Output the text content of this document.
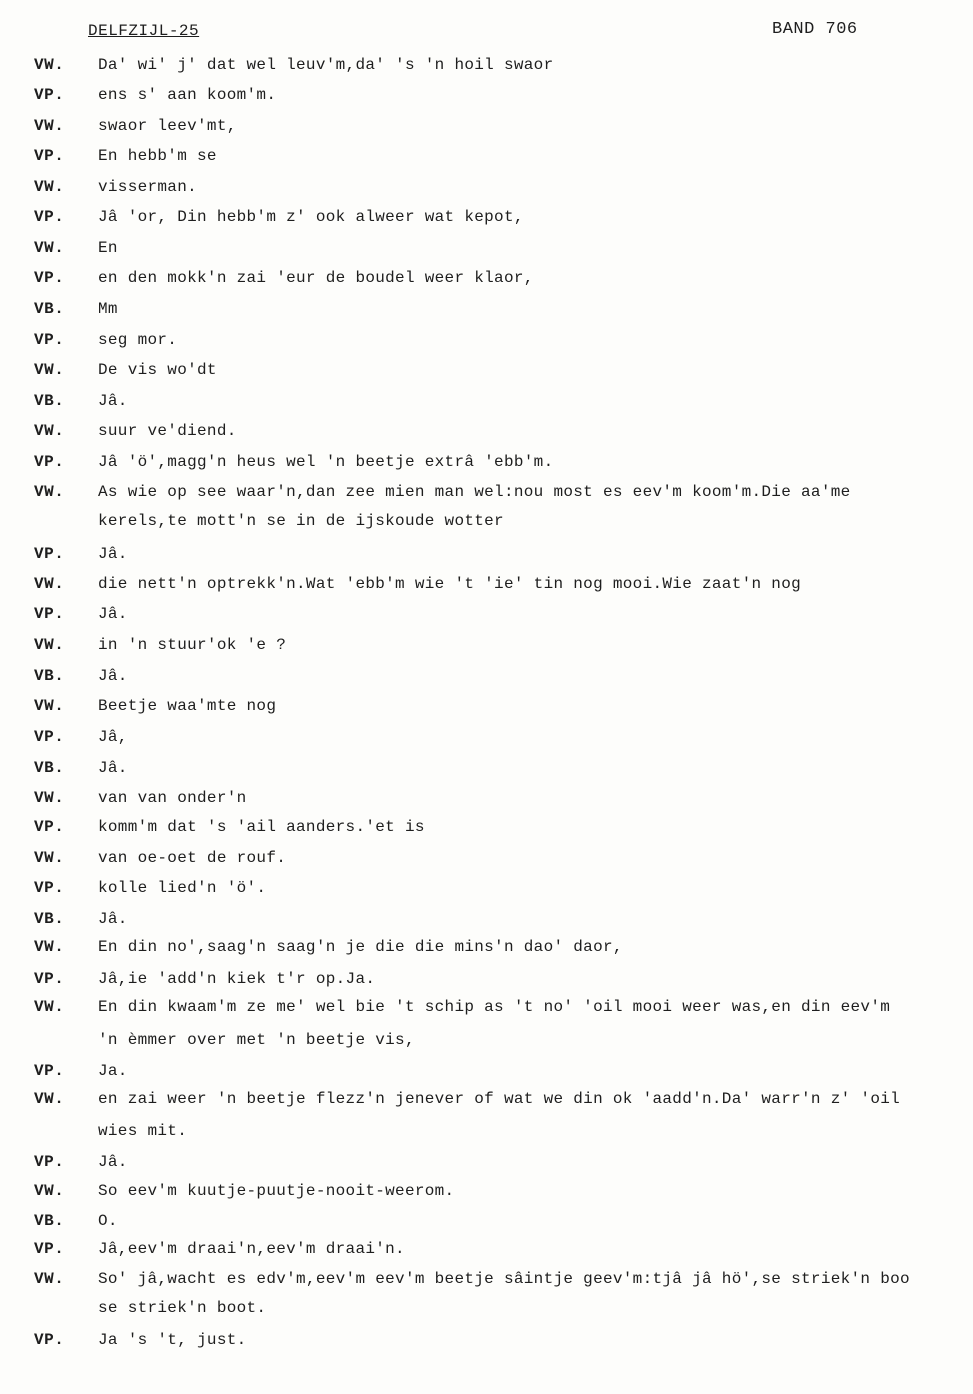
DELFZIJL-25	BAND 706
VW. Da' wi' j' dat wel leuv'm,da' 's 'n hoil swaor
VP. ens s' aan koom'm.
VW. swaor leev'mt,
VP. En hebb'm se
VW. visserman.
VP. Jâ 'or, Din hebb'm z' ook alweer wat kepot,
VW. En
VP. en den mokk'n zai 'eur de boudel weer klaor,
VB. Mm
VP. seg mor.
VW. De vis wo'dt
VB. Jâ.
VW. suur ve'diend.
VP. Jâ 'ö',magg'n heus wel 'n beetje extrâ 'ebb'm.
VW. As wie op see waar'n,dan zee mien man wel:nou most es eev'm koom'm.Die aa'me
kerels,te mott'n se in de ijskoude wotter
VP. Jâ.
VW. die nett'n optrekk'n.Wat 'ebb'm wie 't 'ie' tin nog mooi.Wie zaat'n nog
VP. Jâ.
VW. in 'n stuur'ok 'e ?
VB. Jâ.
VW. Beetje waa'mte nog
VP. Jâ,
VB. Jâ.
VW. van van onder'n
VP. komm'm dat 's 'ail aanders.'et is
VW. van oe-oet de rouf.
VP. kolle lied'n 'ö'.
VB. Jâ.
VW. En din no',saag'n saag'n je die die mins'n dao' daor,
VP. Jâ,ie 'add'n kiek t'r op.Ja.
VW. En din kwaam'm ze me' wel bie 't schip as 't no' 'oil mooi weer was,en din eev'm
'n èmmer over met 'n beetje vis,
VP. Ja.
VW. en zai weer 'n beetje flezz'n jenever of wat we din ok 'aadd'n.Da' warr'n z' 'oil
wies mit.
VP. Jâ.
VW. So eev'm kuutje-puutje-nooit-weerom.
VB. O.
VP. Jâ,eev'm draai'n,eev'm draai'n.
VW. So' jâ,wacht es edv'm,eev'm eev'm beetje sâintje geev'm:tjâ jâ hö',se striek'n boo
se striek'n boot.
VP. Ja 's 't, just.
